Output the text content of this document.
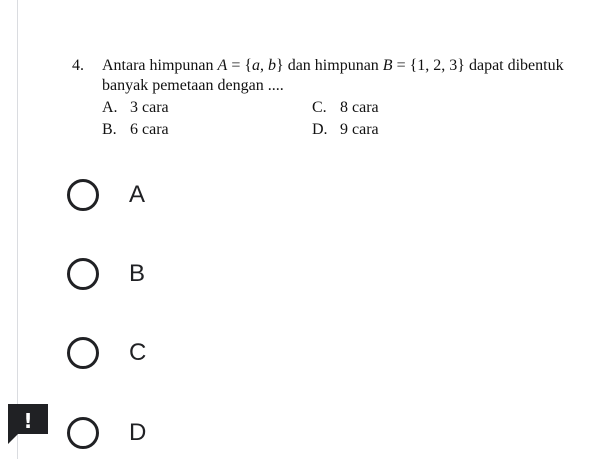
4. Antara himpunan A = {a, b} dan himpunan B = {1, 2, 3} dapat dibentuk
banyak pemetaan dengan ....
A. 3 cara
B. 6 cara
C. 8 cara
D. 9 cara
A
B
C
D
!
